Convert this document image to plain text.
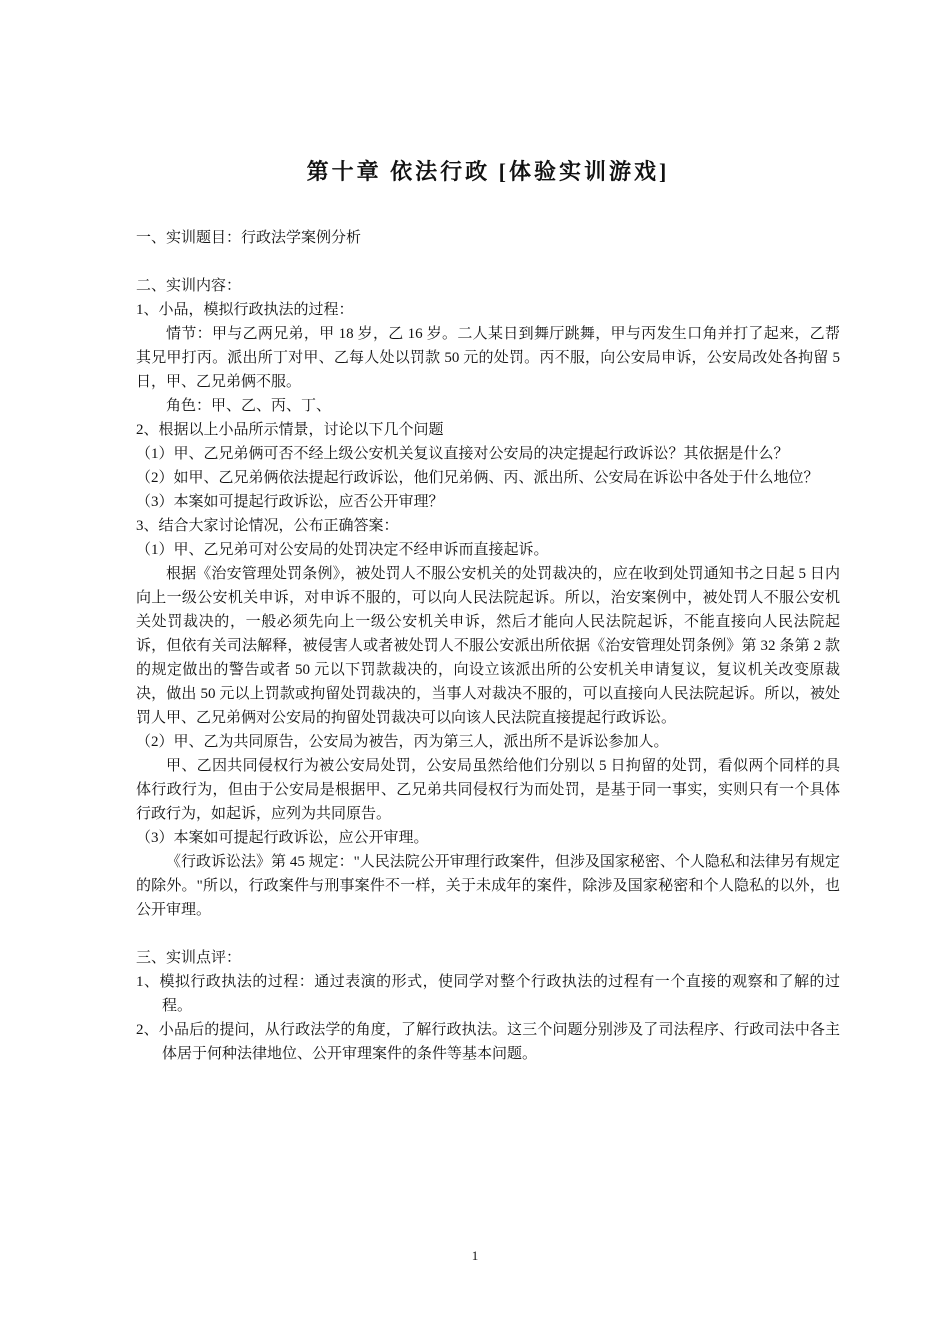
第十章 依法行政 [体验实训游戏]

一、实训题目：行政法学案例分析

二、实训内容：

1、小品，模拟行政执法的过程：

情节：甲与乙两兄弟，甲 18 岁，乙 16 岁。二人某日到舞厅跳舞，甲与丙发生口角并打了起来，乙帮其兄甲打丙。派出所丁对甲、乙每人处以罚款 50 元的处罚。丙不服，向公安局申诉，公安局改处各拘留 5 日，甲、乙兄弟俩不服。

角色：甲、乙、丙、丁、

2、根据以上小品所示情景，讨论以下几个问题

（1）甲、乙兄弟俩可否不经上级公安机关复议直接对公安局的决定提起行政诉讼？其依据是什么？

（2）如甲、乙兄弟俩依法提起行政诉讼，他们兄弟俩、丙、派出所、公安局在诉讼中各处于什么地位？

（3）本案如可提起行政诉讼，应否公开审理？

3、结合大家讨论情况，公布正确答案：

（1）甲、乙兄弟可对公安局的处罚决定不经申诉而直接起诉。

根据《治安管理处罚条例》，被处罚人不服公安机关的处罚裁决的，应在收到处罚通知书之日起 5 日内向上一级公安机关申诉，对申诉不服的，可以向人民法院起诉。所以，治安案例中，被处罚人不服公安机关处罚裁决的，一般必须先向上一级公安机关申诉，然后才能向人民法院起诉，不能直接向人民法院起诉，但依有关司法解释，被侵害人或者被处罚人不服公安派出所依据《治安管理处罚条例》第 32 条第 2 款的规定做出的警告或者 50 元以下罚款裁决的，向设立该派出所的公安机关申请复议，复议机关改变原裁决，做出 50 元以上罚款或拘留处罚裁决的，当事人对裁决不服的，可以直接向人民法院起诉。所以，被处罚人甲、乙兄弟俩对公安局的拘留处罚裁决可以向该人民法院直接提起行政诉讼。

（2）甲、乙为共同原告，公安局为被告，丙为第三人，派出所不是诉讼参加人。

甲、乙因共同侵权行为被公安局处罚，公安局虽然给他们分别以 5 日拘留的处罚，看似两个同样的具体行政行为，但由于公安局是根据甲、乙兄弟共同侵权行为而处罚，是基于同一事实，实则只有一个具体行政行为，如起诉，应列为共同原告。

（3）本案如可提起行政诉讼，应公开审理。

《行政诉讼法》第 45 规定："人民法院公开审理行政案件，但涉及国家秘密、个人隐私和法律另有规定的除外。"所以，行政案件与刑事案件不一样，关于未成年的案件，除涉及国家秘密和个人隐私的以外，也公开审理。

三、实训点评：

1、模拟行政执法的过程：通过表演的形式，使同学对整个行政执法的过程有一个直接的观察和了解的过程。

2、小品后的提问，从行政法学的角度，了解行政执法。这三个问题分别涉及了司法程序、行政司法中各主体居于何种法律地位、公开审理案件的条件等基本问题。

1
